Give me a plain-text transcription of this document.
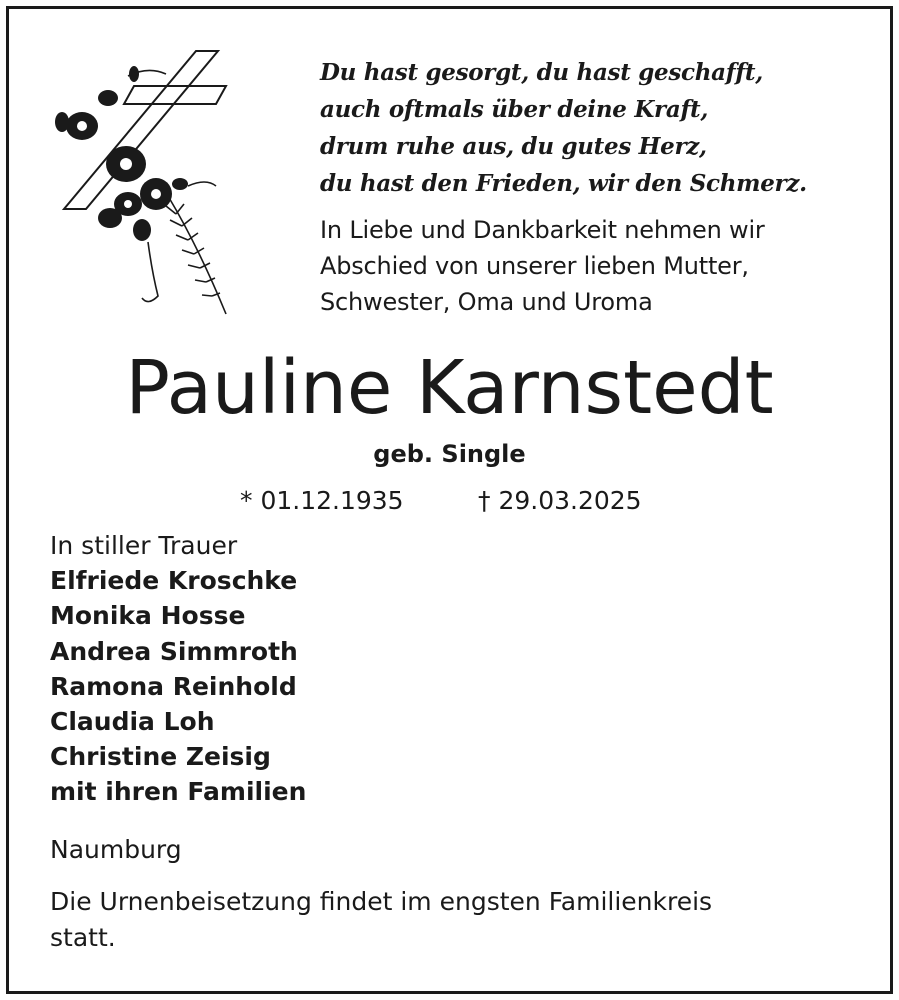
Du hast gesorgt, du hast geschafft,
auch oftmals über deine Kraft,
drum ruhe aus, du gutes Herz,
du hast den Frieden, wir den Schmerz.
In Liebe und Dankbarkeit nehmen wir
Abschied von unserer lieben Mutter,
Schwester, Oma und Uroma
Pauline Karnstedt
geb. Single
* 01.12.1935	† 29.03.2025
In stiller Trauer
Elfriede Kroschke
Monika Hosse
Andrea Simmroth
Ramona Reinhold
Claudia Loh
Christine Zeisig
mit ihren Familien
Naumburg
Die Urnenbeisetzung findet im engsten Familienkreis
statt.
